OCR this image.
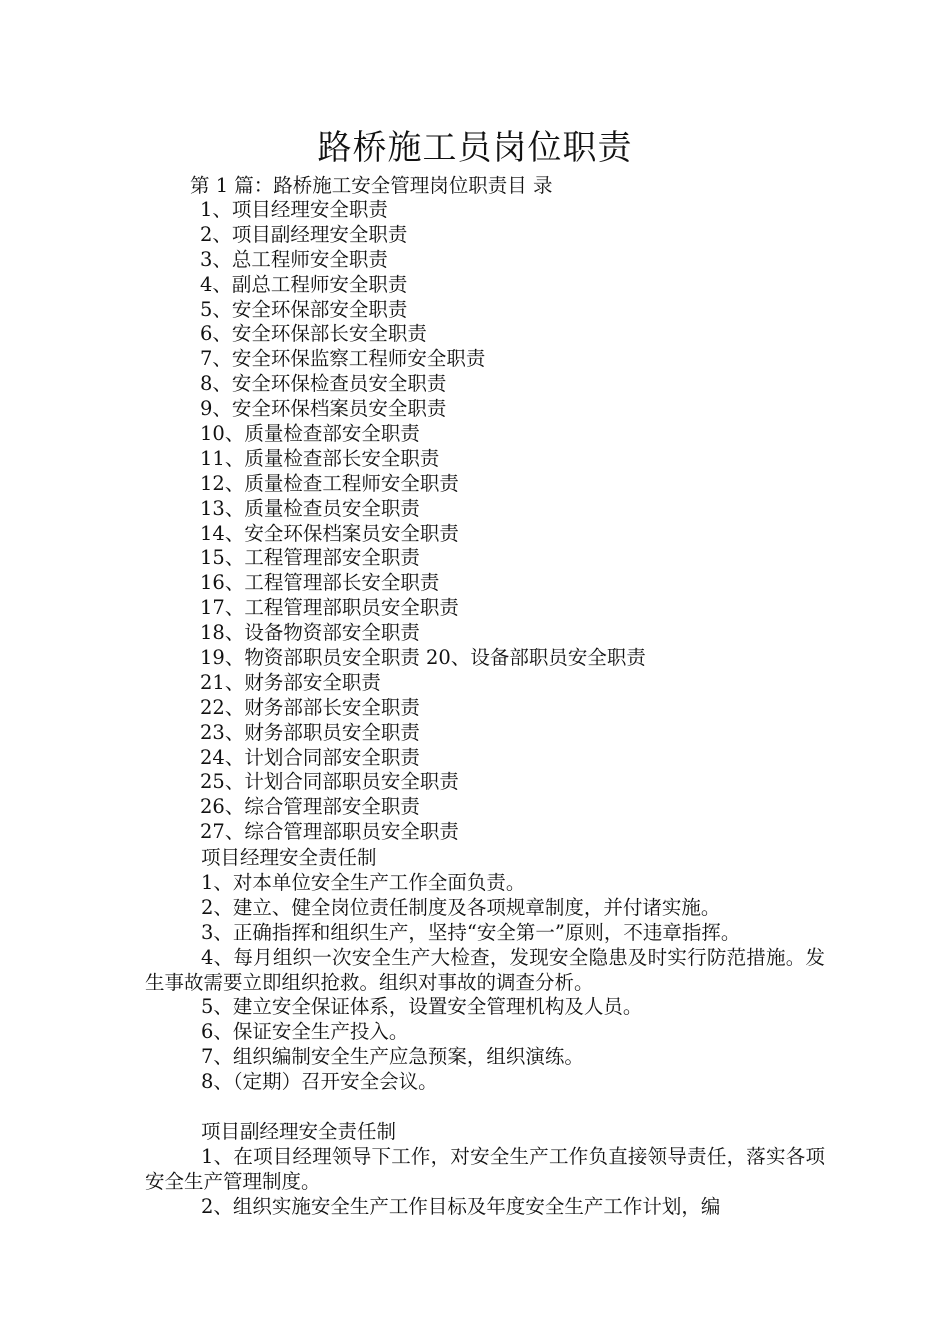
路桥施工员岗位职责
第 1 篇：路桥施工安全管理岗位职责目 录
1、项目经理安全职责
2、项目副经理安全职责
3、总工程师安全职责
4、副总工程师安全职责
5、安全环保部安全职责
6、安全环保部长安全职责
7、安全环保监察工程师安全职责
8、安全环保检查员安全职责
9、安全环保档案员安全职责
10、质量检查部安全职责
11、质量检查部长安全职责
12、质量检查工程师安全职责
13、质量检查员安全职责
14、安全环保档案员安全职责
15、工程管理部安全职责
16、工程管理部长安全职责
17、工程管理部职员安全职责
18、设备物资部安全职责
19、物资部职员安全职责 20、设备部职员安全职责
21、财务部安全职责
22、财务部部长安全职责
23、财务部职员安全职责
24、计划合同部安全职责
25、计划合同部职员安全职责
26、综合管理部安全职责
27、综合管理部职员安全职责

项目经理安全责任制

1、对本单位安全生产工作全面负责。

2、建立、健全岗位责任制度及各项规章制度，并付诸实施。

3、正确指挥和组织生产，坚持“安全第一”原则，不违章指挥。

4、每月组织一次安全生产大检查，发现安全隐患及时实行防范措施。发生事故需要立即组织抢救。组织对事故的调查分析。

5、建立安全保证体系，设置安全管理机构及人员。

6、保证安全生产投入。

7、组织编制安全生产应急预案，组织演练。

8、（定期）召开安全会议。

项目副经理安全责任制

1、在项目经理领导下工作，对安全生产工作负直接领导责任，落实各项安全生产管理制度。

2、组织实施安全生产工作目标及年度安全生产工作计划，编
